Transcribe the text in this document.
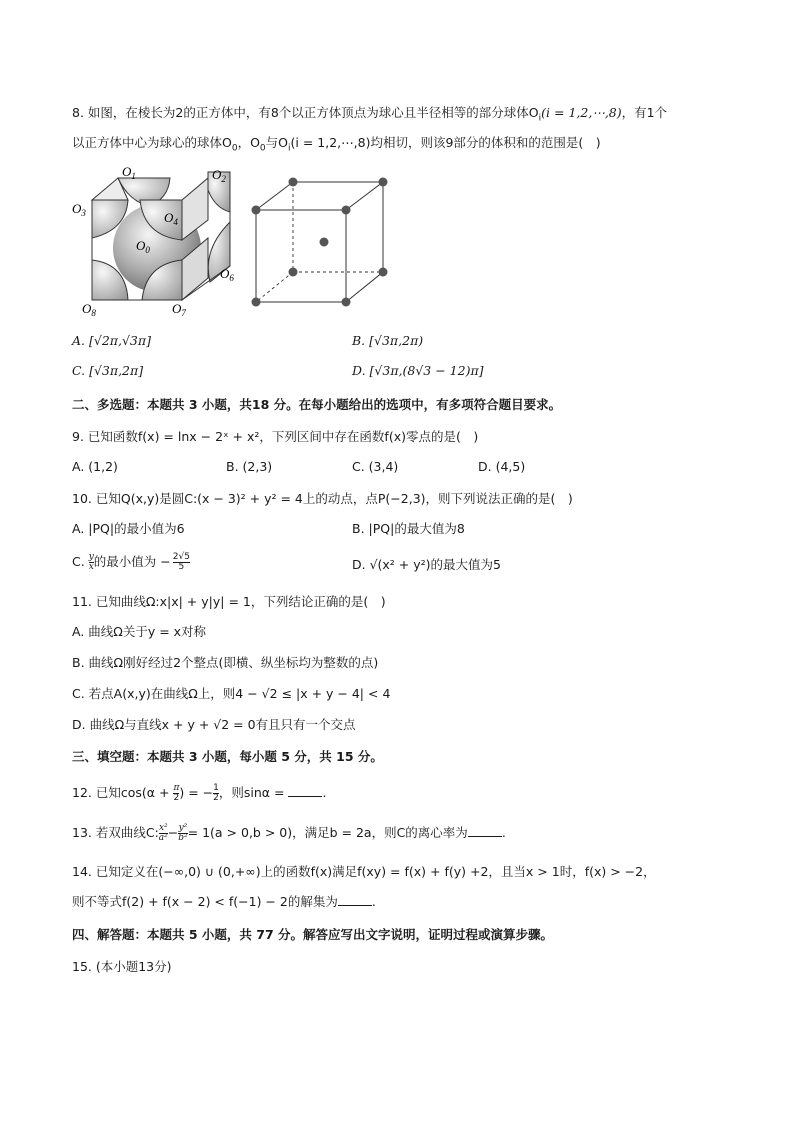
8. 如图，在棱长为2的正方体中，有8个以正方体顶点为球心且半径相等的部分球体$O_i(i$ = 1,2,⋯,8)，有1个
以正方体中心为球心的球体$O_0$，$O_0$与$O_i(i$ = 1,2,⋯,8)均相切，则该9部分的体积和的范围是(　)
$O_1$	$O_2$
$O_3$	$O_4$
$O_0$
$O_6$
$O_8$	$O_7$
A. [√2π,√3π]	B. [√3π,2π)
C. [√3π,2π]	D. [√3π,(8√3 − 12)π]
二、多选题：本题共 3 小题，共18 分。在每小题给出的选项中，有多项符合题目要求。
9. 已知函数f(x) = lnx − 2ˣ + x²，下列区间中存在函数f(x)零点的是(　)
A. (1,2)	B. (2,3)	C. (3,4)	D. (4,5)
10. 已知Q(x,y)是圆C:(x − 3)² + y² = 4上的动点，点P(−2,3)，则下列说法正确的是(　)
A. |PQ|的最小值为6	B. |PQ|的最大值为8
C. $\frac{y}{x}$ 的最小值为 − $\frac{2√5}{5}$	D. √(x² + y²)的最大值为5
11. 已知曲线Ω:x|x| + y|y| = 1，下列结论正确的是(　)
A. 曲线Ω关于y = x对称
B. 曲线Ω刚好经过2个整点(即横、纵坐标均为整数的点)
C. 若点A(x,y)在曲线Ω上，则4 − √2 ≤ |x + y − 4| < 4
D. 曲线Ω与直线x + y + √2 = 0有且只有一个交点
三、填空题：本题共 3 小题，每小题 5 分，共 15 分。
12. 已知$\cos(\alpha + \frac{\pi}{2}$ ) = − $\frac{1}{2}$ ，则sinα =	.
13. 若双曲线C: $\frac{\text{x²}}{\text{a²}} - \frac{\text{y²}}{\text{b²}} = 1(a > 0,b > 0)$，满足b = 2a，则C的离心率为	.
14. 已知定义在(−∞,0) ∪ (0,+∞)上的函数f(x)满足f(xy) = f(x) + f(y) +2，且当x > 1时，f(x) > −2，
则不等式f(2) + f(x − 2) < f(−1) − 2的解集为	.
四、解答题：本题共 5 小题，共 77 分。解答应写出文字说明，证明过程或演算步骤。
15. (本小题13分)
